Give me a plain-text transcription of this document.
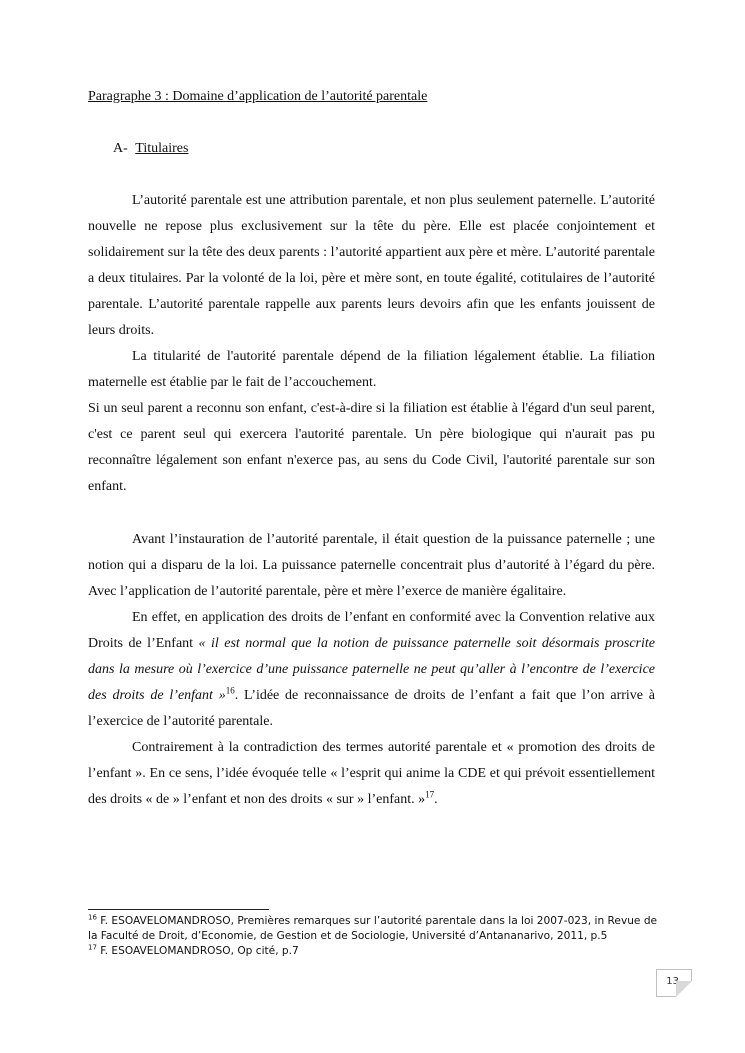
Paragraphe 3 : Domaine d’application de l’autorité parentale
A- Titulaires

L’autorité parentale est une attribution parentale, et non plus seulement paternelle. L’autorité nouvelle ne repose plus exclusivement sur la tête du père. Elle est placée conjointement et solidairement sur la tête des deux parents : l’autorité appartient aux père et mère. L’autorité parentale a deux titulaires. Par la volonté de la loi, père et mère sont, en toute égalité, cotitulaires de l’autorité parentale. L’autorité parentale rappelle aux parents leurs devoirs afin que les enfants jouissent de leurs droits.

La titularité de l'autorité parentale dépend de la filiation légalement établie. La filiation maternelle est établie par le fait de l’accouchement.

Si un seul parent a reconnu son enfant, c'est-à-dire si la filiation est établie à l'égard d'un seul parent, c'est ce parent seul qui exercera l'autorité parentale. Un père biologique qui n'aurait pas pu reconnaître légalement son enfant n'exerce pas, au sens du Code Civil, l'autorité parentale sur son enfant.

Avant l’instauration de l’autorité parentale, il était question de la puissance paternelle ; une notion qui a disparu de la loi. La puissance paternelle concentrait plus d’autorité à l’égard du père. Avec l’application de l’autorité parentale, père et mère l’exerce de manière égalitaire.

En effet, en application des droits de l’enfant en conformité avec la Convention relative aux Droits de l’Enfant « il est normal que la notion de puissance paternelle soit désormais proscrite dans la mesure où l’exercice d’une puissance paternelle ne peut qu’aller à l’encontre de l’exercice des droits de l’enfant »$^{16}$. L’idée de reconnaissance de droits de l’enfant a fait que l’on arrive à l’exercice de l’autorité parentale.

Contrairement à la contradiction des termes autorité parentale et « promotion des droits de l’enfant ». En ce sens, l’idée évoquée telle « l’esprit qui anime la CDE et qui prévoit essentiellement des droits « de » l’enfant et non des droits « sur » l’enfant. »$^{17}$.

$^{16}$ F. ESOAVELOMANDROSO, Premières remarques sur l’autorité parentale dans la loi 2007-023, in Revue de la Faculté de Droit, d’Economie, de Gestion et de Sociologie, Université d’Antananarivo, 2011, p.5

$^{17}$ F. ESOAVELOMANDROSO, Op cité, p.7

13
